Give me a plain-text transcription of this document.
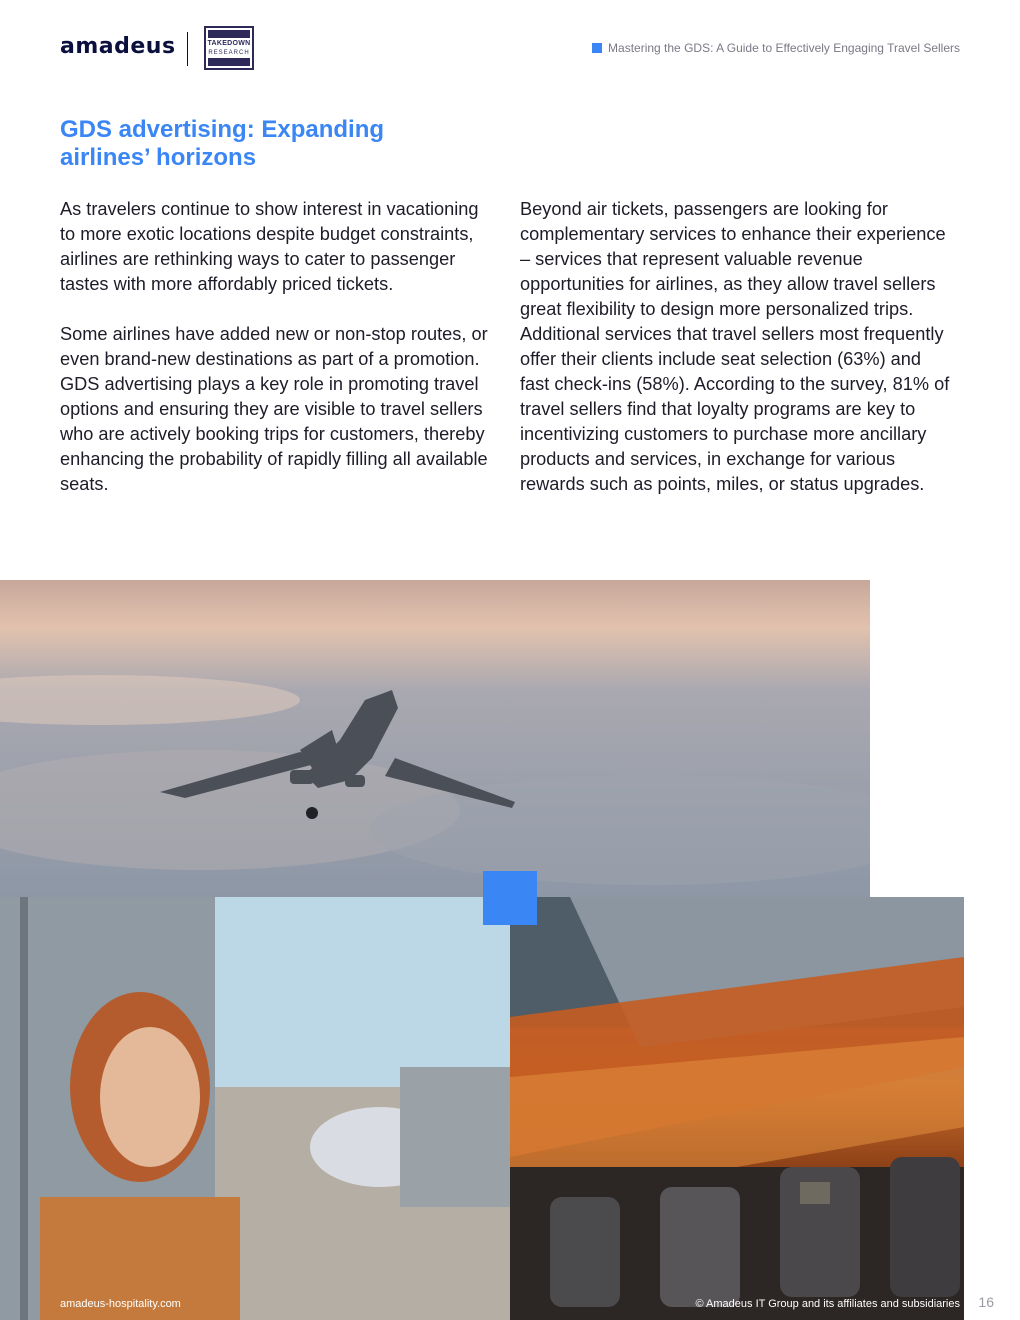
amadeus	TAKEDOWN
RESEARCH	Mastering the GDS: A Guide to Effectively Engaging Travel Sellers
GDS advertising: Expanding airlines’ horizons

As travelers continue to show interest in vacationing to more exotic locations despite budget constraints, airlines are rethinking ways to cater to passenger tastes with more affordably priced tickets.

Some airlines have added new or non-stop routes, or even brand-new destinations as part of a promotion. GDS advertising plays a key role in promoting travel options and ensuring they are visible to travel sellers who are actively booking trips for customers, thereby enhancing the probability of rapidly filling all available seats.

Beyond air tickets, passengers are looking for complementary services to enhance their experience – services that represent valuable revenue opportunities for airlines, as they allow travel sellers great flexibility to design more personalized trips. Additional services that travel sellers most frequently offer their clients include seat selection (63%) and fast check-ins (58%). According to the survey, 81% of travel sellers find that loyalty programs are key to incentivizing customers to purchase more ancillary products and services, in exchange for various rewards such as points, miles, or status upgrades.

amadeus-hospitality.com	© Amadeus IT Group and its affiliates and subsidiaries 16
